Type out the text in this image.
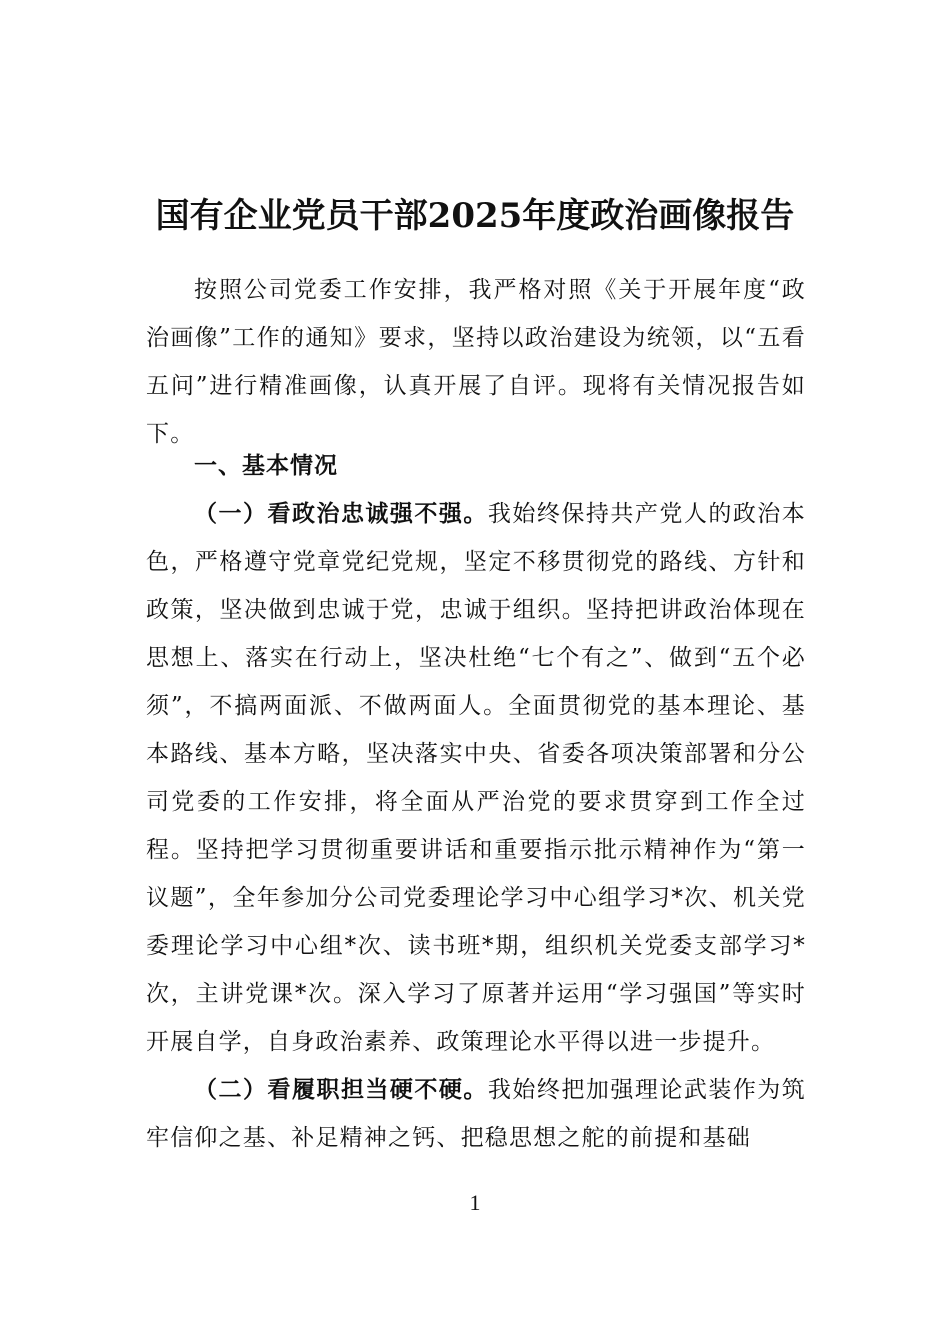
国有企业党员干部2025年度政治画像报告

按照公司党委工作安排，我严格对照《关于开展年度“政治画像”工作的通知》要求，坚持以政治建设为统领，以“五看五问”进行精准画像，认真开展了自评。现将有关情况报告如下。

一、基本情况

（一）看政治忠诚强不强。我始终保持共产党人的政治本色，严格遵守党章党纪党规，坚定不移贯彻党的路线、方针和政策，坚决做到忠诚于党，忠诚于组织。坚持把讲政治体现在思想上、落实在行动上，坚决杜绝“七个有之”、做到“五个必须”，不搞两面派、不做两面人。全面贯彻党的基本理论、基本路线、基本方略，坚决落实中央、省委各项决策部署和分公司党委的工作安排，将全面从严治党的要求贯穿到工作全过程。坚持把学习贯彻重要讲话和重要指示批示精神作为“第一议题”，全年参加分公司党委理论学习中心组学习*次、机关党委理论学习中心组*次、读书班*期，组织机关党委支部学习*次，主讲党课*次。深入学习了原著并运用“学习强国”等实时开展自学，自身政治素养、政策理论水平得以进一步提升。

（二）看履职担当硬不硬。我始终把加强理论武装作为筑牢信仰之基、补足精神之钙、把稳思想之舵的前提和基础

1
